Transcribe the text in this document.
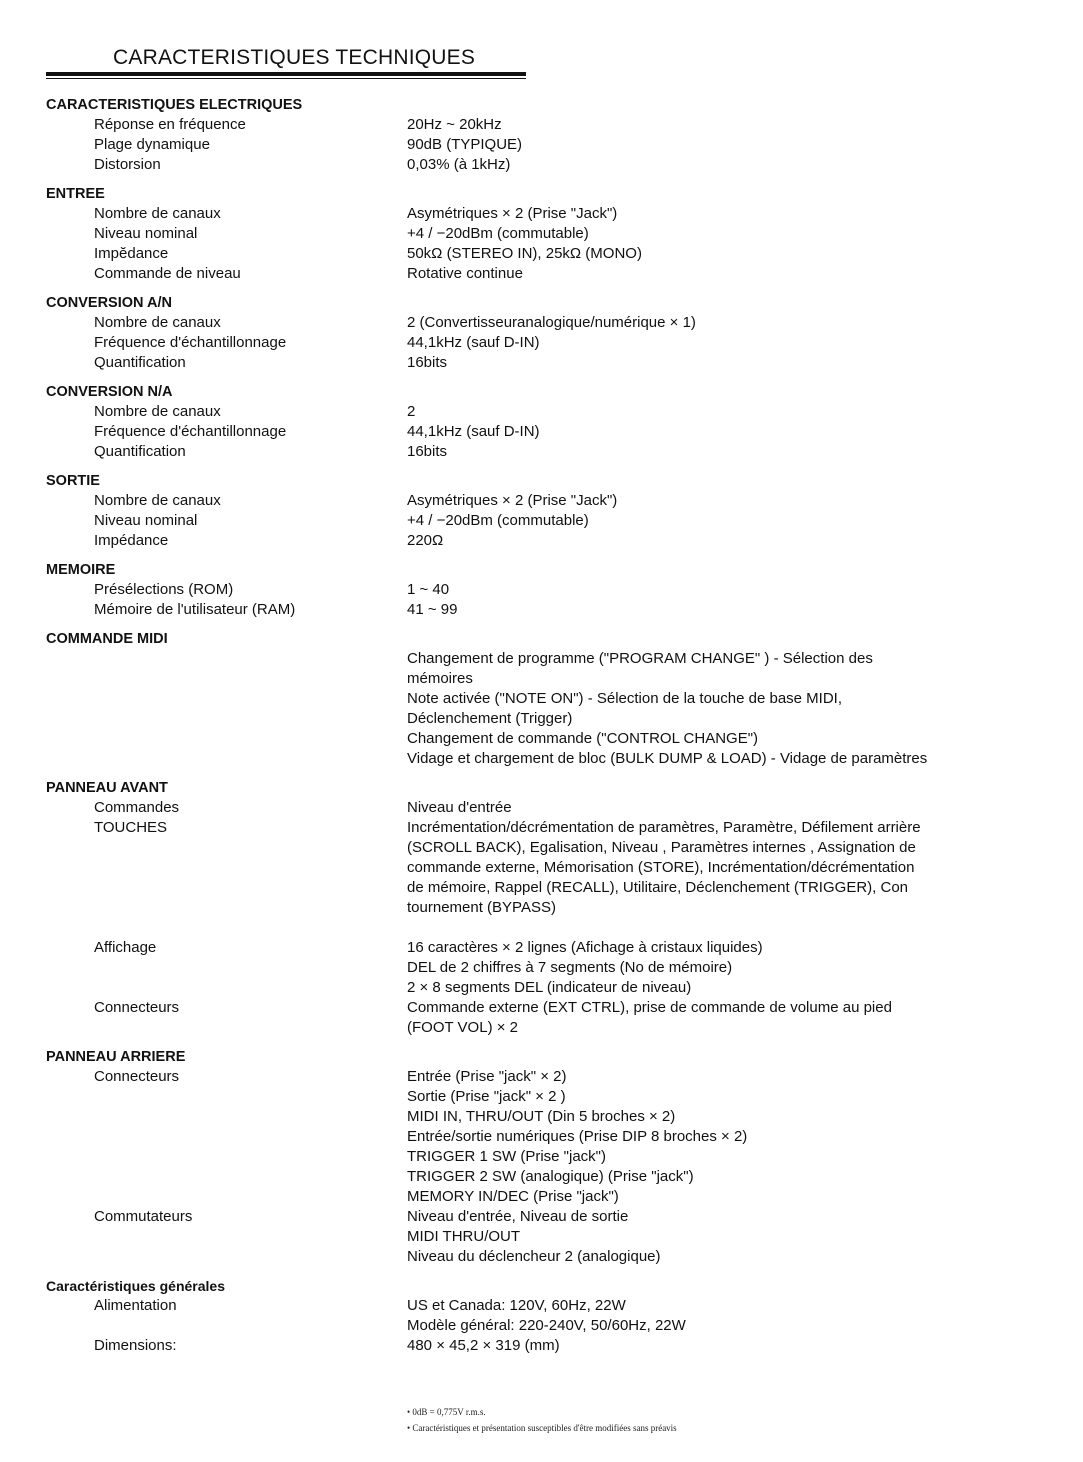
CARACTERISTIQUES TECHNIQUES
CARACTERISTIQUES ELECTRIQUES
Réponse en fréquence	20Hz ~ 20kHz
Plage dynamique	90dB (TYPIQUE)
Distorsion	0,03% (à 1kHz)
ENTREE
Nombre de canaux	Asymétriques × 2 (Prise "Jack")
Niveau nominal	+4 / −20dBm (commutable)
Impĕdance	50kΩ (STEREO IN), 25kΩ (MONO)
Commande de niveau	Rotative continue
CONVERSION A/N
Nombre de canaux	2 (Convertisseuranalogique/numérique × 1)
Fréquence d'échantillonnage	44,1kHz (sauf D-IN)
Quantification	16bits
CONVERSION N/A
Nombre de canaux	2
Fréquence d'échantillonnage	44,1kHz (sauf D-IN)
Quantification	16bits
SORTIE
Nombre de canaux	Asymétriques × 2 (Prise "Jack")
Niveau nominal	+4 / −20dBm (commutable)
Impédance	220Ω
MEMOIRE
Présélections (ROM)	1 ~ 40
Mémoire de l'utilisateur (RAM)	41 ~ 99
COMMANDE MIDI
Changement de programme ("PROGRAM CHANGE" ) - Sélection des
mémoires
Note activée ("NOTE ON") - Sélection de la touche de base MIDI,
Déclenchement (Trigger)
Changement de commande ("CONTROL CHANGE")
Vidage et chargement de bloc (BULK DUMP & LOAD) - Vidage de paramètres
PANNEAU AVANT
Commandes	Niveau d'entrée
TOUCHES	Incrémentation/décrémentation de paramètres, Paramètre, Défilement arrière
(SCROLL BACK), Egalisation, Niveau , Paramètres internes , Assignation de
commande externe, Mémorisation (STORE), Incrémentation/décrémentation
de mémoire, Rappel (RECALL), Utilitaire, Déclenchement (TRIGGER), Con
tournement (BYPASS)
Affichage	16 caractères × 2 lignes (Afichage à cristaux liquides)
DEL de 2 chiffres à 7 segments (No de mémoire)
2 × 8 segments DEL (indicateur de niveau)
Connecteurs	Commande externe (EXT CTRL), prise de commande de volume au pied
(FOOT VOL) × 2
PANNEAU ARRIERE
Connecteurs	Entrée (Prise "jack" × 2)
Sortie (Prise "jack" × 2 )
MIDI IN, THRU/OUT (Din 5 broches × 2)
Entrée/sortie numériques (Prise DIP 8 broches × 2)
TRIGGER 1 SW (Prise "jack")
TRIGGER 2 SW (analogique) (Prise "jack")
MEMORY IN/DEC (Prise "jack")
Commutateurs	Niveau d'entrée, Niveau de sortie
MIDI THRU/OUT
Niveau du déclencheur 2 (analogique)
Caractéristiques générales
Alimentation	US et Canada: 120V, 60Hz, 22W
Modèle général: 220-240V, 50/60Hz, 22W
Dimensions:	480 × 45,2 × 319 (mm)
• 0dB = 0,775V r.m.s.
• Caractéristiques et présentation susceptibles d'être modifiées sans préavis
